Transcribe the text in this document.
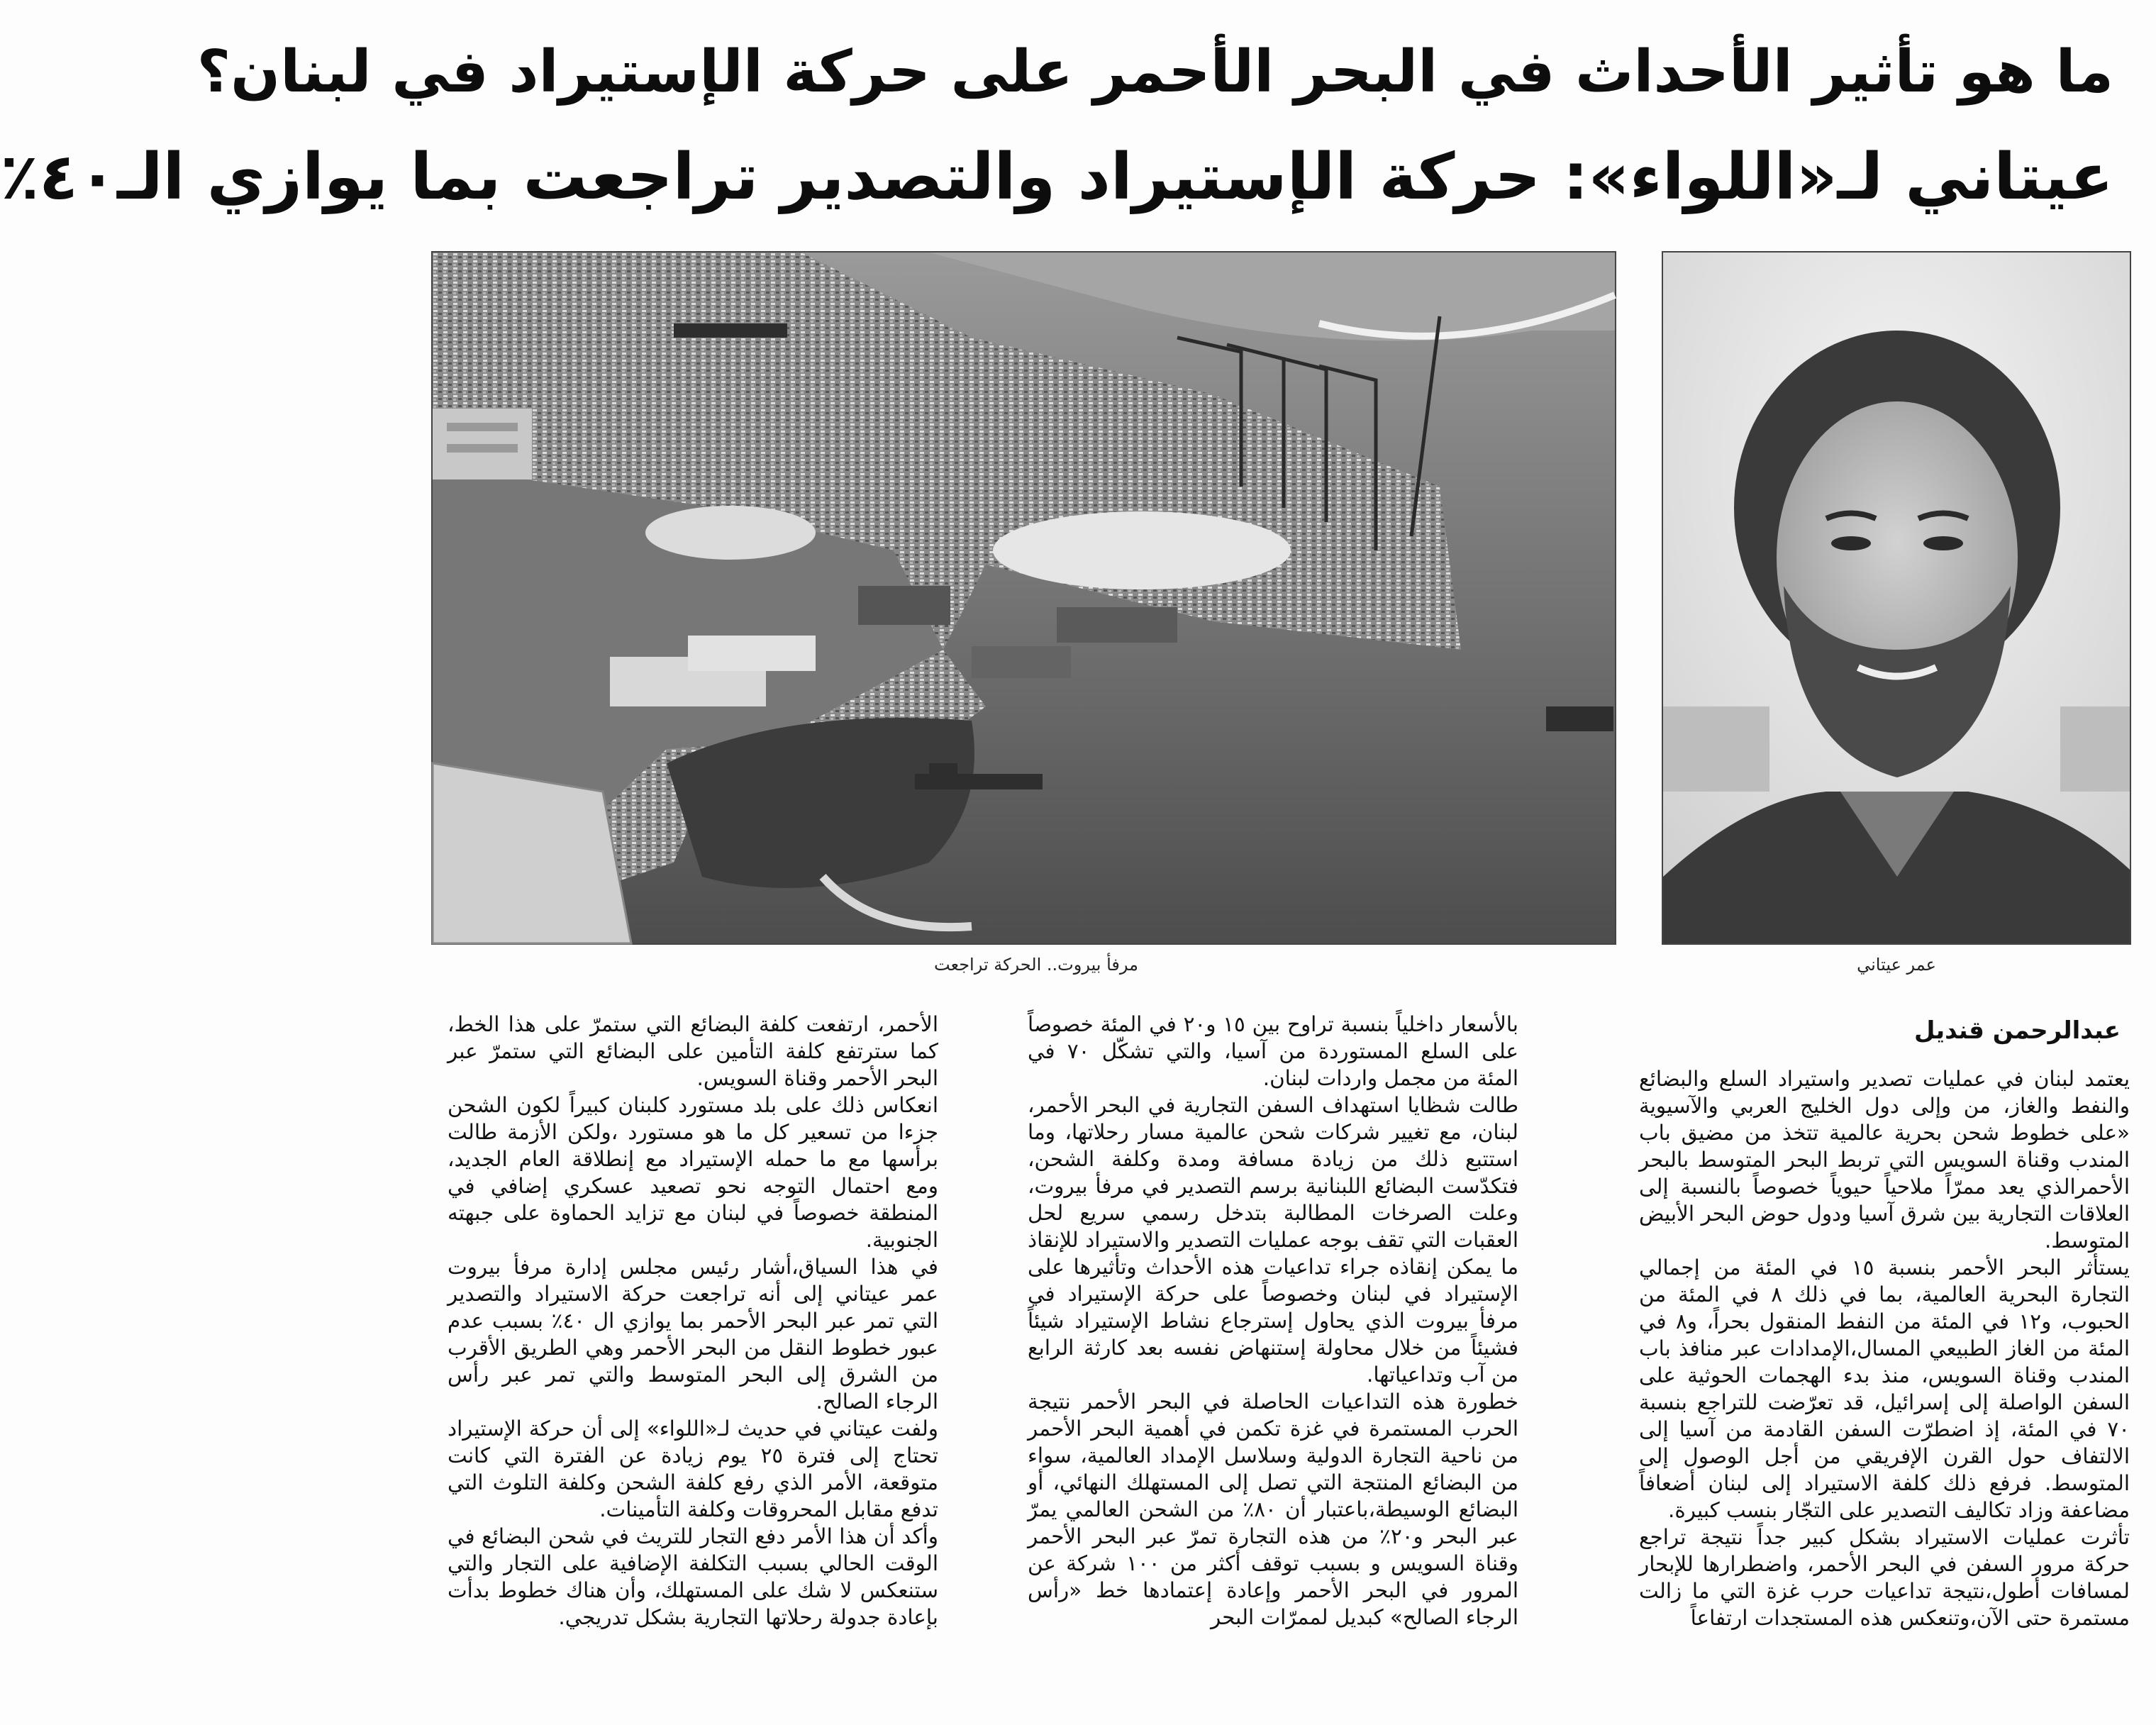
ما هو تأثير الأحداث في البحر الأحمر على حركة الإستيراد في لبنان؟
عيتاني لـ«اللواء»: حركة الإستيراد والتصدير تراجعت بما يوازي الـ٤٠٪
مرفأ بيروت.. الحركة تراجعت	عمر عيتاني
عبدالرحمن قنديل

يعتمد لبنان في عمليات تصدير واستيراد السلع والبضائع والنفط والغاز، من وإلى دول الخليج العربي والآسيوية «على خطوط شحن بحرية عالمية تتخذ من مضيق باب المندب وقناة السويس التي تربط البحر المتوسط بالبحر الأحمرالذي يعد ممرّاً ملاحياً حيوياً خصوصاً بالنسبة إلى العلاقات التجارية بين شرق آسيا ودول حوض البحر الأبيض المتوسط.

يستأثر البحر الأحمر بنسبة ١٥ في المئة من إجمالي التجارة البحرية العالمية، بما في ذلك ٨ في المئة من الحبوب، و١٢ في المئة من النفط المنقول بحراً، و٨ في المئة من الغاز الطبيعي المسال،الإمدادات عبر منافذ باب المندب وقناة السويس، منذ بدء الهجمات الحوثية على السفن الواصلة إلى إسرائيل، قد تعرّضت للتراجع بنسبة ٧٠ في المئة، إذ اضطرّت السفن القادمة من آسيا إلى الالتفاف حول القرن الإفريقي من أجل الوصول إلى المتوسط. فرفع ذلك كلفة الاستيراد إلى لبنان أضعافاً مضاعفة وزاد تكاليف التصدير على التجّار بنسب كبيرة.

تأثرت عمليات الاستيراد بشكل كبير جداً نتيجة تراجع حركة مرور السفن في البحر الأحمر، واضطرارها للإبحار لمسافات أطول،نتيجة تداعيات حرب غزة التي ما زالت مستمرة حتى الآن،وتنعكس هذه المستجدات ارتفاعاً

بالأسعار داخلياً بنسبة تراوح بين ١٥ و٢٠ في المئة خصوصاً على السلع المستوردة من آسيا، والتي تشكّل ٧٠ في المئة من مجمل واردات لبنان.

طالت شظايا استهداف السفن التجارية في البحر الأحمر، لبنان، مع تغيير شركات شحن عالمية مسار رحلاتها، وما استتبع ذلك من زيادة مسافة ومدة وكلفة الشحن، فتكدّست البضائع اللبنانية برسم التصدير في مرفأ بيروت، وعلت الصرخات المطالبة بتدخل رسمي سريع لحل العقبات التي تقف بوجه عمليات التصدير والاستيراد للإنقاذ ما يمكن إنقاذه جراء تداعيات هذه الأحداث وتأثيرها على الإستيراد في لبنان وخصوصاً على حركة الإستيراد في مرفأ بيروت الذي يحاول إسترجاع نشاط الإستيراد شيئاً فشيئاً من خلال محاولة إستنهاض نفسه بعد كارثة الرابع من آب وتداعياتها.

خطورة هذه التداعيات الحاصلة في البحر الأحمر نتيجة الحرب المستمرة في غزة تكمن في أهمية البحر الأحمر من ناحية التجارة الدولية وسلاسل الإمداد العالمية، سواء من البضائع المنتجة التي تصل إلى المستهلك النهائي، أو البضائع الوسيطة،باعتبار أن ٨٠٪ من الشحن العالمي يمرّ عبر البحر و٢٠٪ من هذه التجارة تمرّ عبر البحر الأحمر وقناة السويس و بسبب توقف أكثر من ١٠٠ شركة عن المرور في البحر الأحمر وإعادة إعتمادها خط «رأس الرجاء الصالح» كبديل لممرّات البحر

الأحمر، ارتفعت كلفة البضائع التي ستمرّ على هذا الخط، كما سترتفع كلفة التأمين على البضائع التي ستمرّ عبر البحر الأحمر وقناة السويس.

انعكاس ذلك على بلد مستورد كلبنان كبيراً لكون الشحن جزءا من تسعير كل ما هو مستورد ،ولكن الأزمة طالت برأسها مع ما حمله الإستيراد مع إنطلاقة العام الجديد، ومع احتمال التوجه نحو تصعيد عسكري إضافي في المنطقة خصوصاً في لبنان مع تزايد الحماوة على جبهته الجنوبية.

في هذا السياق،أشار رئيس مجلس إدارة مرفأ بيروت عمر عيتاني إلى أنه تراجعت حركة الاستيراد والتصدير التي تمر عبر البحر الأحمر بما يوازي ال ٤٠٪ بسبب عدم عبور خطوط النقل من البحر الأحمر وهي الطريق الأقرب من الشرق إلى البحر المتوسط والتي تمر عبر رأس الرجاء الصالح.

ولفت عيتاني في حديث لـ«اللواء» إلى أن حركة الإستيراد تحتاج إلى فترة ٢٥ يوم زيادة عن الفترة التي كانت متوقعة، الأمر الذي رفع كلفة الشحن وكلفة التلوث التي تدفع مقابل المحروقات وكلفة التأمينات.

وأكد أن هذا الأمر دفع التجار للتريث في شحن البضائع في الوقت الحالي بسبب التكلفة الإضافية على التجار والتي ستنعكس لا شك على المستهلك، وأن هناك خطوط بدأت بإعادة جدولة رحلاتها التجارية بشكل تدريجي.
